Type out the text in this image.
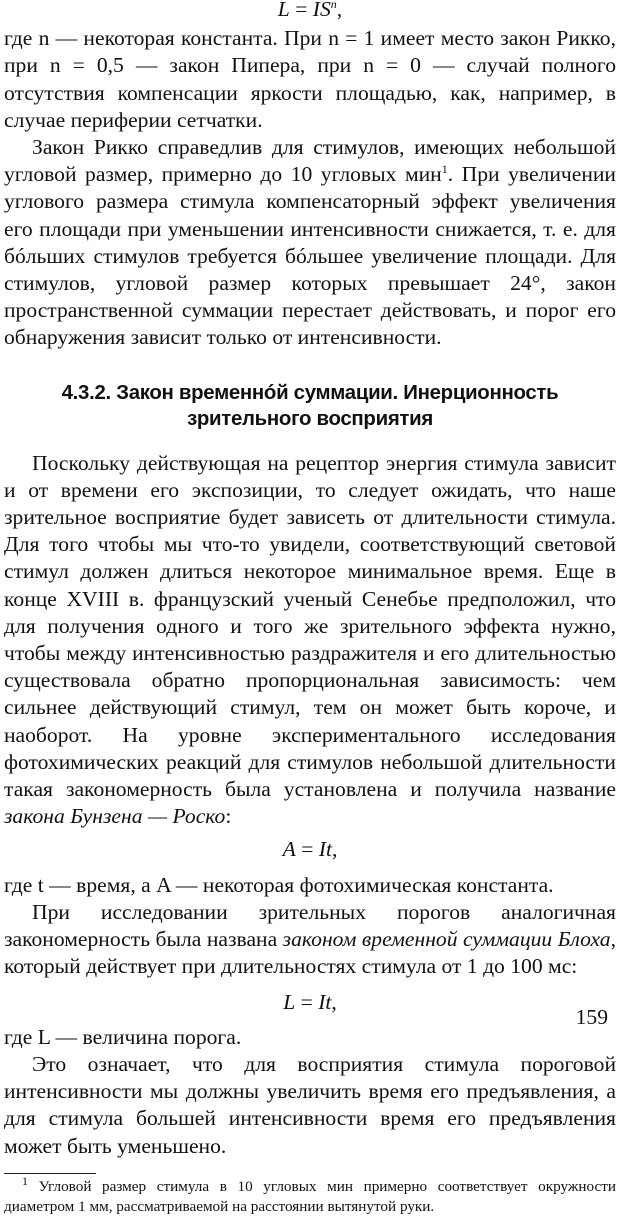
$L = IS^n$,

где n — некоторая константа. При n = 1 имеет место закон Рикко, при n = 0,5 — закон Пипера, при n = 0 — случай полного отсутствия компенсации яркости площадью, как, например, в случае периферии сетчатки.

Закон Рикко справедлив для стимулов, имеющих небольшой угловой размер, примерно до 10 угловых мин$^1$. При увеличении углового размера стимула компенсаторный эффект увеличения его площади при уменьшении интенсивности снижается, т. е. для бóльших стимулов требуется бóльшее увеличение площади. Для стимулов, угловой размер которых превышает 24°, закон пространственной суммации перестает действовать, и порог его обнаружения зависит только от интенсивности.

4.3.2. Закон временнóй суммации. Инерционность
зрительного восприятия

Поскольку действующая на рецептор энергия стимула зависит и от времени его экспозиции, то следует ожидать, что наше зрительное восприятие будет зависеть от длительности стимула. Для того чтобы мы что-то увидели, соответствующий световой стимул должен длиться некоторое минимальное время. Еще в конце XVIII в. французский ученый Сенебье предположил, что для получения одного и того же зрительного эффекта нужно, чтобы между интенсивностью раздражителя и его длительностью существовала обратно пропорциональная зависимость: чем сильнее действующий стимул, тем он может быть короче, и наоборот. На уровне экспериментального исследования фотохимических реакций для стимулов небольшой длительности такая закономерность была установлена и получила название закона Бунзена — Роско:

A = It,

где t — время, а A — некоторая фотохимическая константа.

При исследовании зрительных порогов аналогичная закономерность была названа законом временной суммации Блоха, который действует при длительностях стимула от 1 до 100 мс:

L = It,

где L — величина порога.

Это означает, что для восприятия стимула пороговой интенсивности мы должны увеличить время его предъявления, а для стимула большей интенсивности время его предъявления может быть уменьшено.

$^1$ Угловой размер стимула в 10 угловых мин примерно соответствует окружности диаметром 1 мм, рассматриваемой на расстоянии вытянутой руки.

159
